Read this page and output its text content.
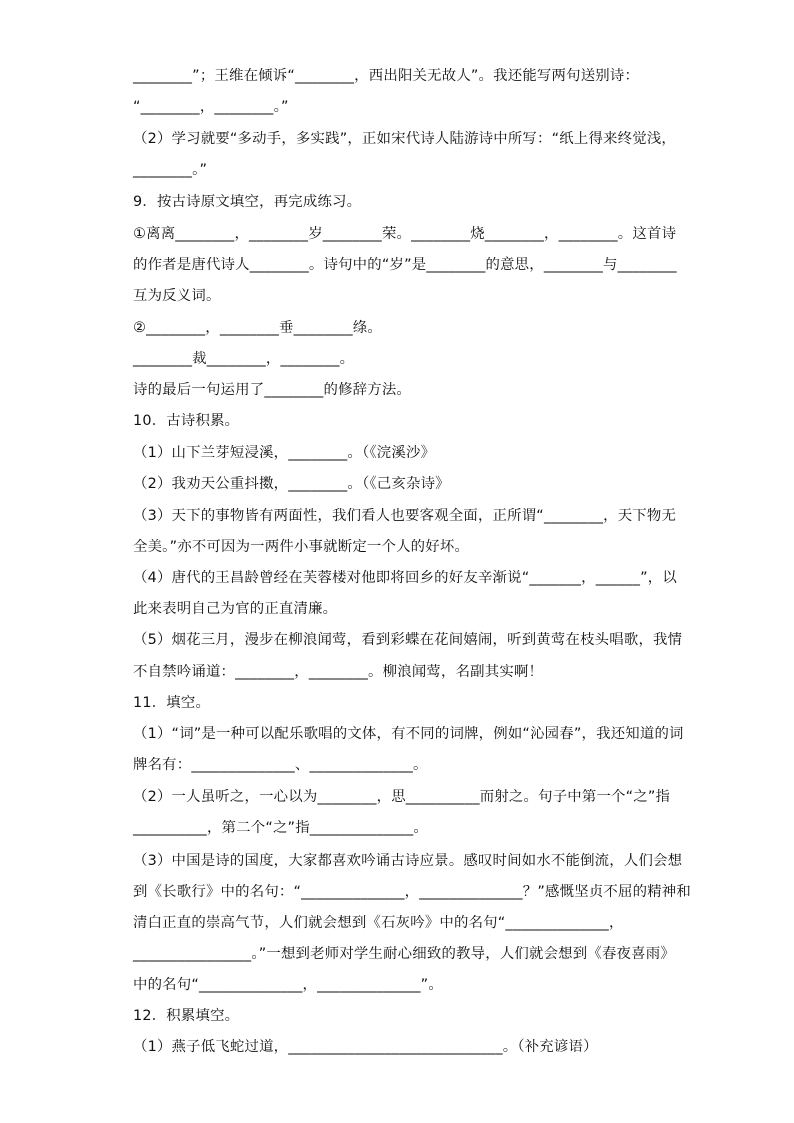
________”；王维在倾诉“________，西出阳关无故人”。我还能写两句送别诗：
“________，________。”
（2）学习就要“多动手，多实践”，正如宋代诗人陆游诗中所写：“纸上得来终觉浅，
________。”
9．按古诗原文填空，再完成练习。
①离离________，________岁________荣。________烧________，________。这首诗
的作者是唐代诗人________。诗句中的“岁”是________的意思，________与________
互为反义词。
②________，________垂________绦。
________裁________，________。
诗的最后一句运用了________的修辞方法。
10．古诗积累。
（1）山下兰芽短浸溪，________。（《浣溪沙》
（2）我劝天公重抖擞，________。（《己亥杂诗》
（3）天下的事物皆有两面性，我们看人也要客观全面，正所谓“________，天下物无
全美。”亦不可因为一两件小事就断定一个人的好坏。
（4）唐代的王昌龄曾经在芙蓉楼对他即将回乡的好友辛渐说“_______，______”，以
此来表明自己为官的正直清廉。
（5）烟花三月，漫步在柳浪闻莺，看到彩蝶在花间嬉闹，听到黄莺在枝头唱歌，我情
不自禁吟诵道：________，________。柳浪闻莺，名副其实啊！
11．填空。
（1）“词”是一种可以配乐歌唱的文体，有不同的词牌，例如“沁园春”，我还知道的词
牌名有：______________、______________。
（2）一人虽听之，一心以为________，思__________而射之。句子中第一个“之”指
__________，第二个“之”指______________。
（3）中国是诗的国度，大家都喜欢吟诵古诗应景。感叹时间如水不能倒流，人们会想
到《长歌行》中的名句：“______________，______________？”感慨坚贞不屈的精神和
清白正直的崇高气节，人们就会想到《石灰吟》中的名句“______________，
________________。”一想到老师对学生耐心细致的教导，人们就会想到《春夜喜雨》
中的名句“______________，______________”。
12．积累填空。
（1）燕子低飞蛇过道，_____________________________。（补充谚语）
